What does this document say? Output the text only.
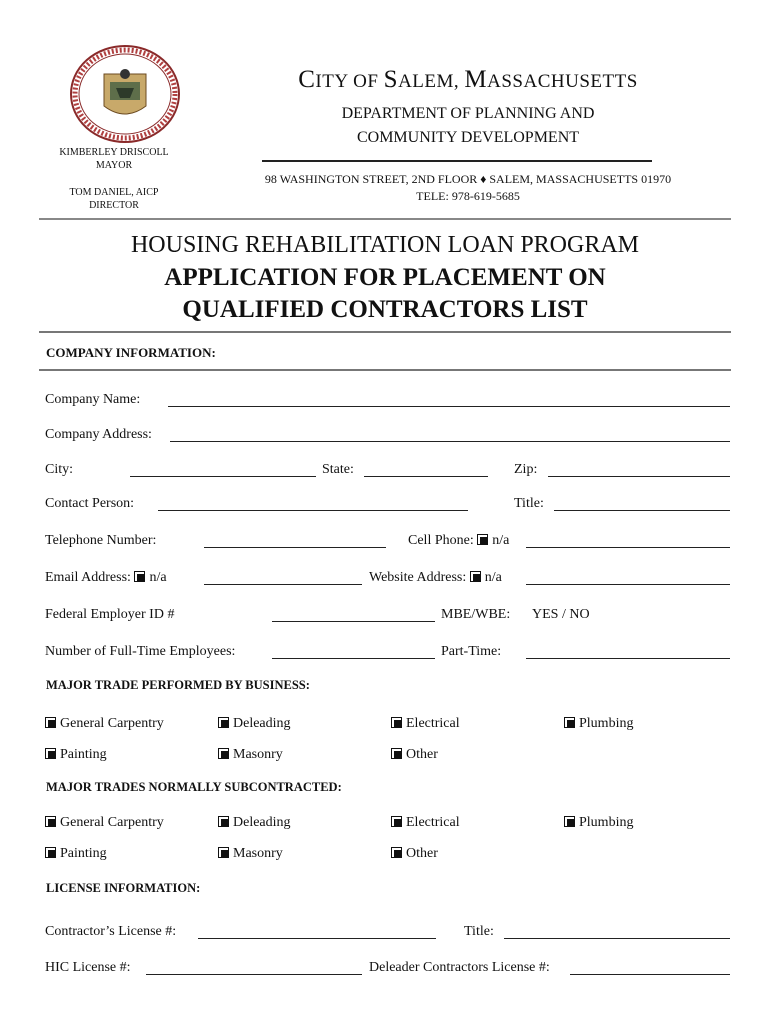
CITY OF SALEM, MASSACHUSETTS
DEPARTMENT OF PLANNING AND
COMMUNITY DEVELOPMENT
98 WASHINGTON STREET, 2ND FLOOR ♦ SALEM, MASSACHUSETTS 01970
TELE: 978-619-5685
KIMBERLEY DRISCOLL
MAYOR
TOM DANIEL, AICP
DIRECTOR
HOUSING REHABILITATION LOAN PROGRAM
APPLICATION FOR PLACEMENT ON
QUALIFIED CONTRACTORS LIST
COMPANY INFORMATION:
Company Name:
Company Address:
City:	State:	Zip:
Contact Person:	Title:
Telephone Number:	Cell Phone: n/a
Email Address: n/a	Website Address: n/a
Federal Employer ID #	MBE/WBE: YES / NO
Number of Full-Time Employees:	Part-Time:
MAJOR TRADE PERFORMED BY BUSINESS:
General Carpentry	Deleading	Electrical	Plumbing
Painting	Masonry	Other
MAJOR TRADES NORMALLY SUBCONTRACTED:
General Carpentry	Deleading	Electrical	Plumbing
Painting	Masonry	Other
LICENSE INFORMATION:
Contractor’s License #:	Title:
HIC License #:	Deleader Contractors License #:
